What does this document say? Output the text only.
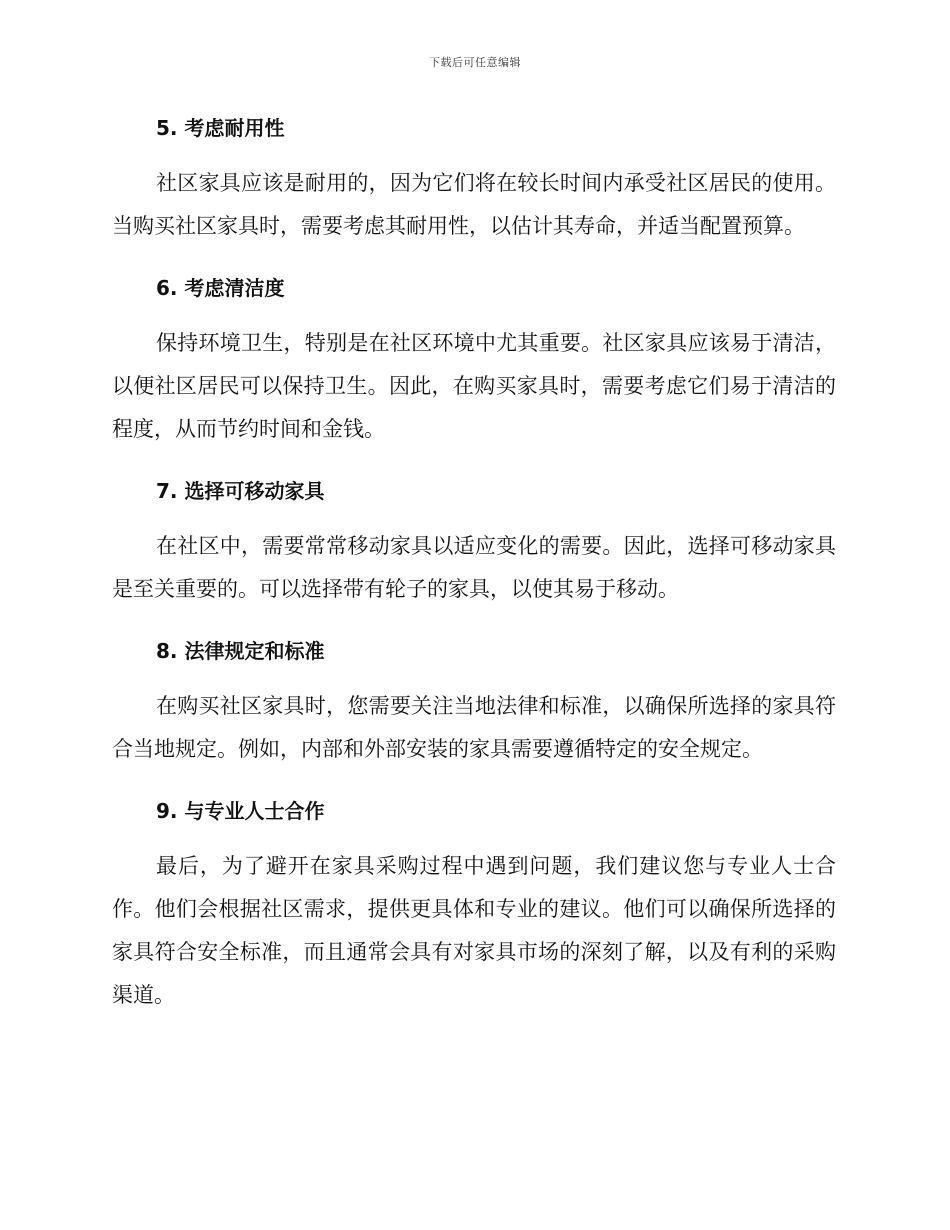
下载后可任意编辑
5. 考虑耐用性

社区家具应该是耐用的，因为它们将在较长时间内承受社区居民的使用。当购买社区家具时，需要考虑其耐用性，以估计其寿命，并适当配置预算。

6. 考虑清洁度

保持环境卫生，特别是在社区环境中尤其重要。社区家具应该易于清洁，以便社区居民可以保持卫生。因此，在购买家具时，需要考虑它们易于清洁的程度，从而节约时间和金钱。

7. 选择可移动家具

在社区中，需要常常移动家具以适应变化的需要。因此，选择可移动家具是至关重要的。可以选择带有轮子的家具，以使其易于移动。

8. 法律规定和标准

在购买社区家具时，您需要关注当地法律和标准，以确保所选择的家具符合当地规定。例如，内部和外部安装的家具需要遵循特定的安全规定。

9. 与专业人士合作

最后，为了避开在家具采购过程中遇到问题，我们建议您与专业人士合作。他们会根据社区需求，提供更具体和专业的建议。他们可以确保所选择的家具符合安全标准，而且通常会具有对家具市场的深刻了解，以及有利的采购渠道。
